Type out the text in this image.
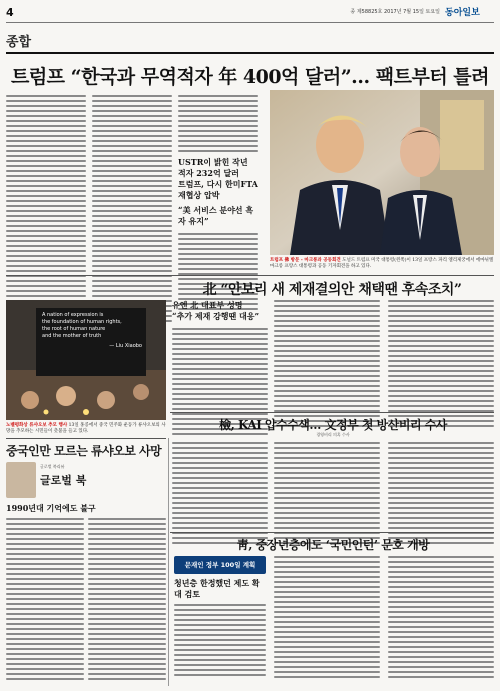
4	종 제58825호 2017년 7월 15일 토요일 동아일보
종합
트럼프 “한국과 무역적자 年 400억 달러”… 팩트부터 틀려
USTR이 밝힌 작년 적자 232억 달러
트럼프, 다시 한미FTA 재협상 압박
“美 서비스 분야선 흑자 유지”
트럼프 佛 방문 - 마크롱과 공동회견 도널드 트럼프 미국 대통령(왼쪽)이 13일 프랑스 파리 엘리제궁에서 에마뉘엘 마크롱 프랑스 대통령과 공동 기자회견을 하고 있다.
北 “안보리 새 제재결의안 채택땐 후속조치”
A nation of expression is
the foundation of human rights,
the root of human nature
and the mother of truth
— Liu Xiaobo
노벨평화상 류샤오보 추모 행사 13일 홍콩에서 중국 민주화 운동가 류샤오보의 사망을 추모하는 시민들이 촛불을 들고 있다.
유엔 北 대표부 성명
“추가 제재 강행땐 대응”
檢, KAI 압수수색… 文정부 첫 방산비리 수사
경영비리 의혹 수사
중국인만 모르는 류샤오보 사망
글로벌 북리뷰
글로벌 북
1990년대 기억에도 불구
靑, 중장년층에도 ‘국민인턴’ 문호 개방
문재인 정부 100일 계획
청년층 한정했던 제도 확대 검토
